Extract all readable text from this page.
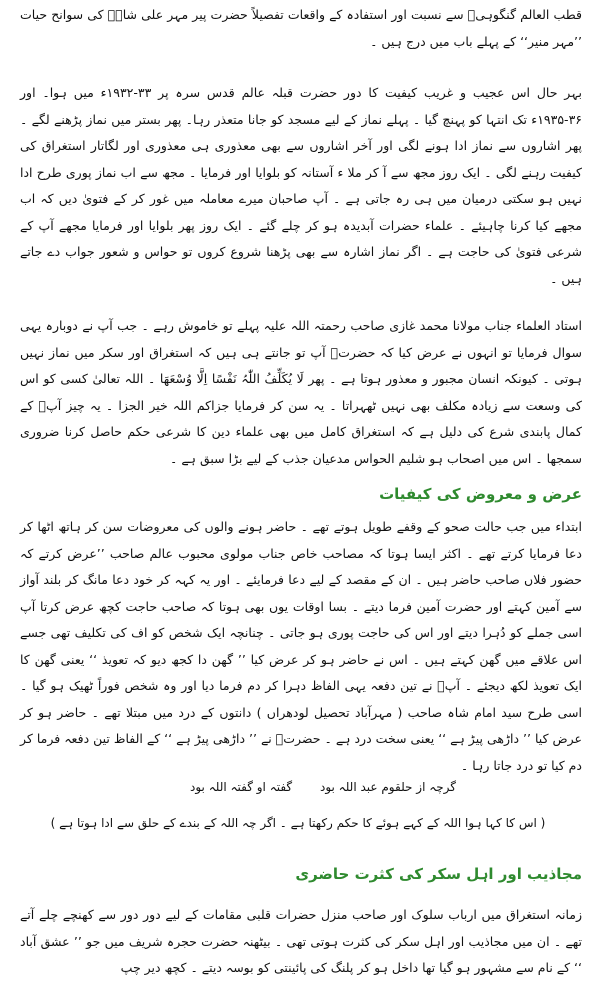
قطب العالم گنگوہیؒ سے نسبت اور استفادہ کے واقعات تفصیلاً حضرت پیر مہر علی شاہؒ کی سوانح حیات ’’مہر منیر‘‘ کے پہلے باب میں درج ہیں ۔

بہر حال اس عجیب و غریب کیفیت کا دور حضرت قبلہ عالم قدس سرہ پر ۳۳-۱۹۳۲ء میں ہوا۔ اور ۳۶-۱۹۳۵ء تک انتہا کو پہنچ گیا ۔ پہلے نماز کے لیے مسجد کو جانا متعذر رہا۔ پھر بستر میں نماز پڑھنے لگے ۔ پھر اشاروں سے نماز ادا ہونے لگی اور آخر اشاروں سے بھی معذوری ہی معذوری اور لگاتار استغراق کی کیفیت رہنے لگی ۔ ایک روز مجھ سے آ کر ملا ء آستانہ کو بلوایا اور فرمایا ۔ مجھ سے اب نماز پوری طرح ادا نہیں ہو سکتی درمیان میں ہی رہ جاتی ہے ۔ آپ صاحبان میرے معاملہ میں غور کر کے فتویٰ دیں کہ اب مجھے کیا کرنا چاہیئے ۔ علماء حضرات آبدیدہ ہو کر چلے گئے ۔ ایک روز پھر بلوایا اور فرمایا مجھے آپ کے شرعی فتویٰ کی حاجت ہے ۔ اگر نماز اشارہ سے بھی پڑھنا شروع کروں تو حواس و شعور جواب دے جاتے ہیں ۔

استاد العلماء جناب مولانا محمد غازی صاحب رحمتہ اللہ علیہ پہلے تو خاموش رہے ۔ جب آپ نے دوبارہ یہی سوال فرمایا تو انہوں نے عرض کیا کہ حضرتؒ آپ تو جانتے ہی ہیں کہ استغراق اور سکر میں نماز نہیں ہوتی ۔ کیونکہ انسان مجبور و معذور ہوتا ہے ۔ پھر لَا یُکَلِّفُ اللّٰہُ نَفْسًا اِلَّا وُسْعَھَا ۔ اللہ تعالیٰ کسی کو اس کی وسعت سے زیادہ مکلف بھی نہیں ٹھہراتا ۔ یہ سن کر فرمایا جزاکم اللہ خیر الجزا ۔ یہ چیز آپؒ کے کمال پابندی شرع کی دلیل ہے کہ استغراق کامل میں بھی علماء دین کا شرعی حکم حاصل کرنا ضروری سمجھا ۔ اس میں اصحاب ہو شلیم الحواس مدعیان جذب کے لیے بڑا سبق ہے ۔

عرض و معروض کی کیفیات

ابتداء میں جب حالت صحو کے وقفے طویل ہوتے تھے ۔ حاضر ہونے والوں کی معروضات سن کر ہاتھ اٹھا کر دعا فرمایا کرتے تھے ۔ اکثر ایسا ہوتا کہ مصاحب خاص جناب مولوی محبوب عالم صاحب ’’عرض کرتے کہ حضور فلاں صاحب حاضر ہیں ۔ ان کے مقصد کے لیے دعا فرمایئے ۔ اور یہ کہہ کر خود دعا مانگ کر بلند آواز سے آمین کہتے اور حضرت آمین فرما دیتے ۔ بسا اوقات یوں بھی ہوتا کہ صاحب حاجت کچھ عرض کرتا آپ اسی جملے کو دُہرا دیتے اور اس کی حاجت پوری ہو جاتی ۔ چنانچہ ایک شخص کو اف کی تکلیف تھی جسے اس علاقے میں گھن کہتے ہیں ۔ اس نے حاضر ہو کر عرض کیا ’’ گھن دا کجھ دیو کہ تعویذ ‘‘ یعنی گھن کا ایک تعویذ لکھ دیجئے ۔ آپؒ نے تین دفعہ یہی الفاظ دہرا کر دم فرما دیا اور وہ شخص فوراً ٹھیک ہو گیا ۔ اسی طرح سید امام شاہ صاحب ( مہرآباد تحصیل لودھراں ) دانتوں کے درد میں مبتلا تھے ۔ حاضر ہو کر عرض کیا ’’ داڑھی پیڑ ہے ‘‘ یعنی سخت درد ہے ۔ حضرتؒ نے ’’ داڑھی پیڑ ہے ‘‘ کے الفاظ تین دفعہ فرما کر دم کیا تو درد جاتا رہا ۔

گرچہ از حلقوم عبد اللہ بود
گفتہ او گفتہ اللہ بود
( اس کا کہا ہوا اللہ کے کہے ہوئے کا حکم رکھتا ہے ۔ اگر چہ اللہ کے بندے کے حلق سے ادا ہوتا ہے )
مجاذیب اور اہل سکر کی کثرت حاضری

زمانہ استغراق میں ارباب سلوک اور صاحب منزل حضرات قلبی مقامات کے لیے دور دور سے کھنچے چلے آتے تھے ۔ ان میں مجاذیب اور اہل سکر کی کثرت ہوتی تھی ۔ بیٹھنہ حضرت حجرہ شریف میں جو ’’ عشق آباد ‘‘ کے نام سے مشہور ہو گیا تھا داخل ہو کر پلنگ کی پائینتی کو بوسہ دیتے ۔ کچھ دیر چپ
